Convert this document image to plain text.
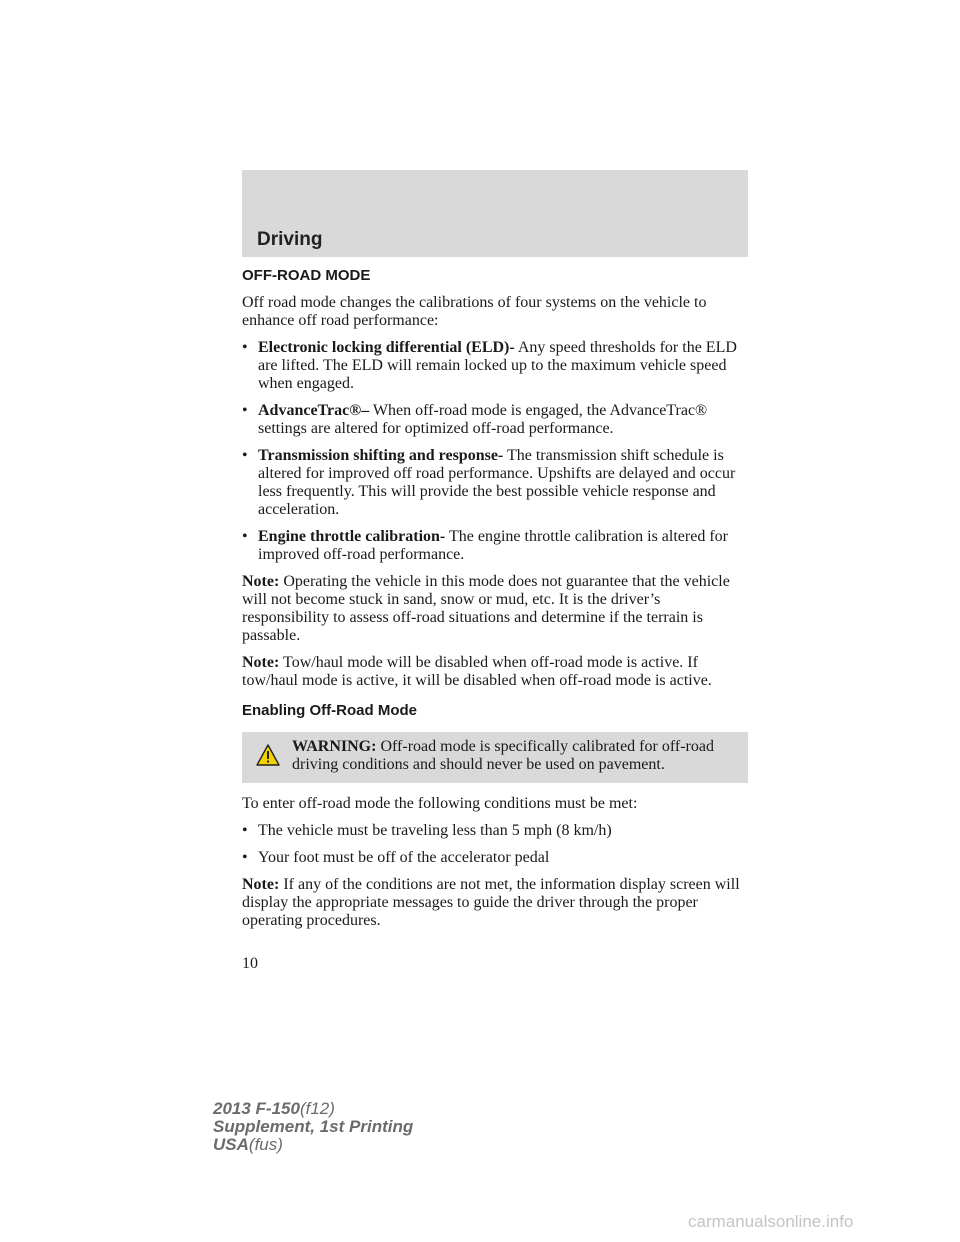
Driving
OFF-ROAD MODE

Off road mode changes the calibrations of four systems on the vehicle to enhance off road performance:

• Electronic locking differential (ELD)- Any speed thresholds for the ELD are lifted. The ELD will remain locked up to the maximum vehicle speed when engaged.
• AdvanceTrac®– When off-road mode is engaged, the AdvanceTrac® settings are altered for optimized off-road performance.
• Transmission shifting and response- The transmission shift schedule is altered for improved off road performance. Upshifts are delayed and occur less frequently. This will provide the best possible vehicle response and acceleration.
• Engine throttle calibration- The engine throttle calibration is altered for improved off-road performance.

Note: Operating the vehicle in this mode does not guarantee that the vehicle will not become stuck in sand, snow or mud, etc. It is the driver’s responsibility to assess off-road situations and determine if the terrain is passable.

Note: Tow/haul mode will be disabled when off-road mode is active. If tow/haul mode is active, it will be disabled when off-road mode is active.

Enabling Off-Road Mode
WARNING: Off-road mode is specifically calibrated for off-road driving conditions and should never be used on pavement.

To enter off-road mode the following conditions must be met:

• The vehicle must be traveling less than 5 mph (8 km/h)
• Your foot must be off of the accelerator pedal

Note: If any of the conditions are not met, the information display screen will display the appropriate messages to guide the driver through the proper operating procedures.

10
2013 F-150(f12)
Supplement, 1st Printing
USA(fus)
carmanualsonline.info
